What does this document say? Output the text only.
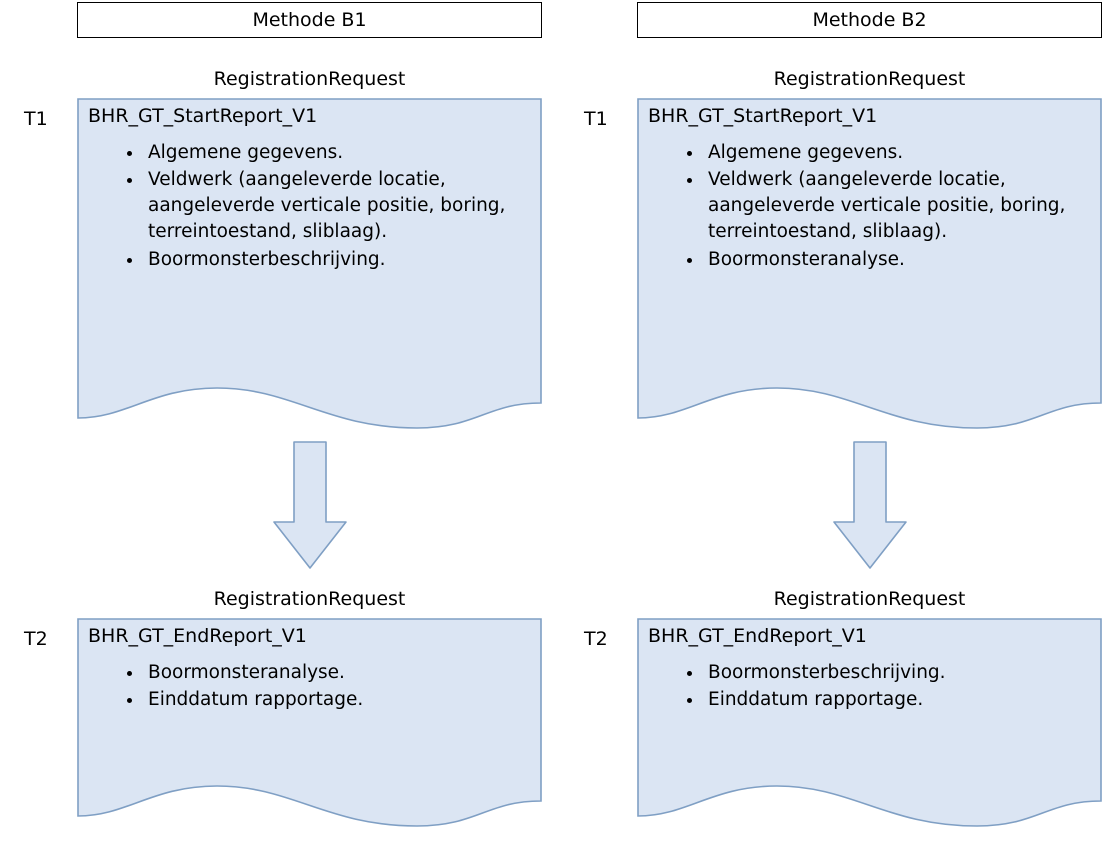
Methode B1
RegistrationRequest
T1 BHR_GT_StartReport_V1
• Algemene gegevens.
• Veldwerk (aangeleverde locatie, aangeleverde verticale positie, boring, terreintoestand, sliblaag).
• Boormonsterbeschrijving.
RegistrationRequest
T2 BHR_GT_EndReport_V1
• Boormonsteranalyse.
• Einddatum rapportage.
Methode B2
RegistrationRequest
T1 BHR_GT_StartReport_V1
• Algemene gegevens.
• Veldwerk (aangeleverde locatie, aangeleverde verticale positie, boring, terreintoestand, sliblaag).
• Boormonsteranalyse.
RegistrationRequest
T2 BHR_GT_EndReport_V1
• Boormonsterbeschrijving.
• Einddatum rapportage.
